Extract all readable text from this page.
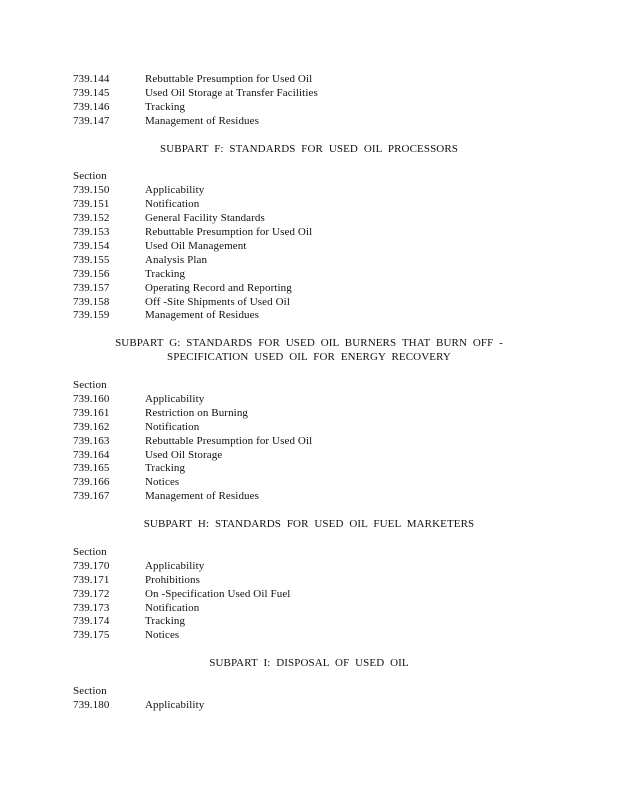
739.144	Rebuttable Presumption for Used Oil
739.145	Used Oil Storage at Transfer Facilities
739.146	Tracking
739.147	Management of Residues
SUBPART F: STANDARDS FOR USED OIL PROCESSORS
Section
739.150	Applicability
739.151	Notification
739.152	General Facility Standards
739.153	Rebuttable Presumption for Used Oil
739.154	Used Oil Management
739.155	Analysis Plan
739.156	Tracking
739.157	Operating Record and Reporting
739.158	Off -Site Shipments of Used Oil
739.159	Management of Residues
SUBPART G: STANDARDS FOR USED OIL BURNERS THAT BURN OFF -
SPECIFICATION USED OIL FOR ENERGY RECOVERY
Section
739.160	Applicability
739.161	Restriction on Burning
739.162	Notification
739.163	Rebuttable Presumption for Used Oil
739.164	Used Oil Storage
739.165	Tracking
739.166	Notices
739.167	Management of Residues
SUBPART H: STANDARDS FOR USED OIL FUEL MARKETERS
Section
739.170	Applicability
739.171	Prohibitions
739.172	On -Specification Used Oil Fuel
739.173	Notification
739.174	Tracking
739.175	Notices
SUBPART I: DISPOSAL OF USED OIL
Section
739.180	Applicability
